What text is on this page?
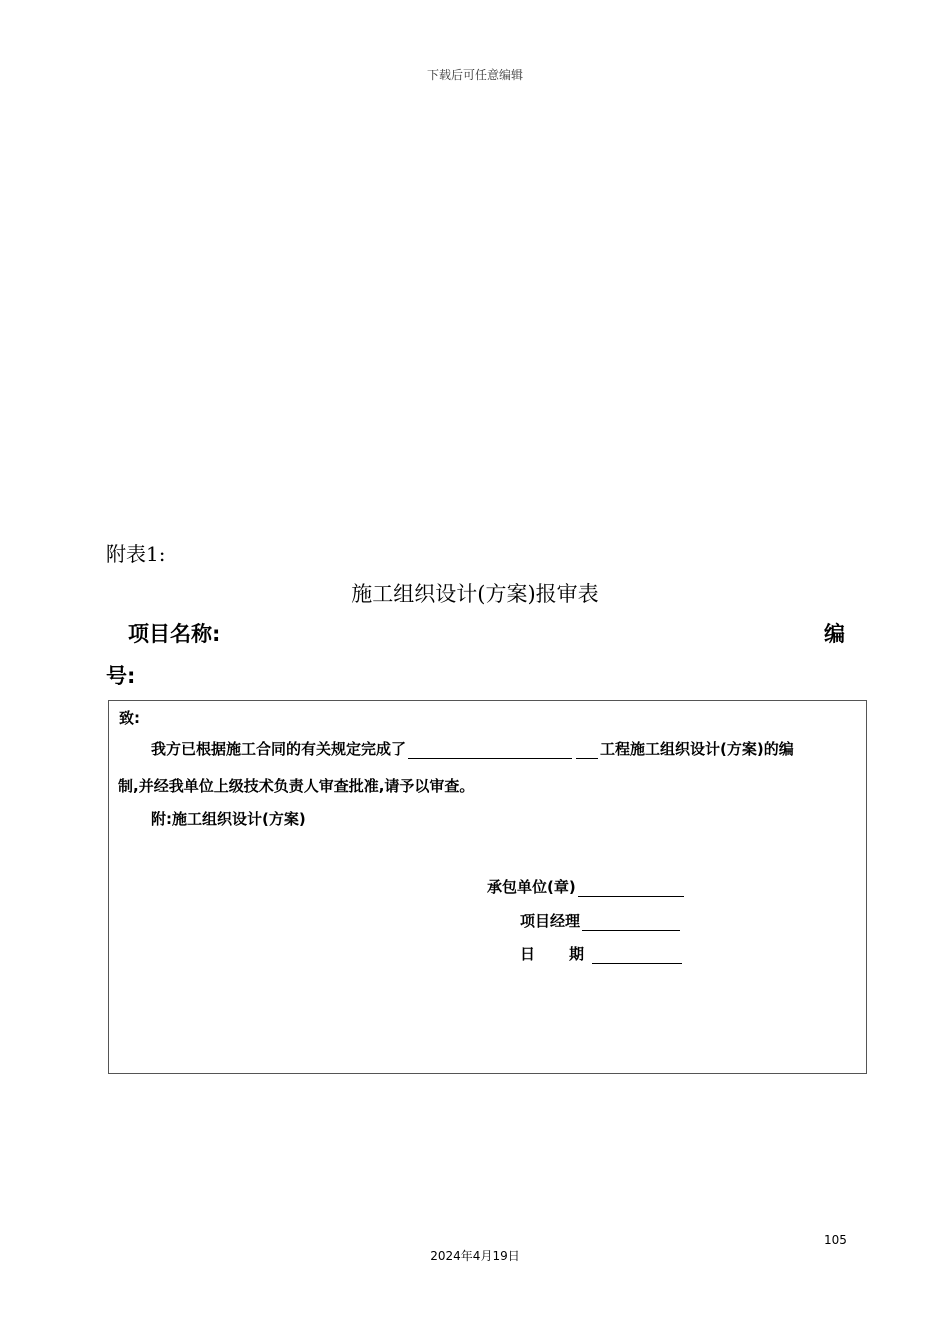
下载后可任意编辑
附表1:
施工组织设计(方案)报审表
项目名称:	编
号:
致:
我方已根据施工合同的有关规定完成了	工程施工组织设计(方案)的编
制,并经我单位上级技术负责人审查批准,请予以审查。
附:施工组织设计(方案)
承包单位(章)
项目经理
日 期
105
2024年4月19日
